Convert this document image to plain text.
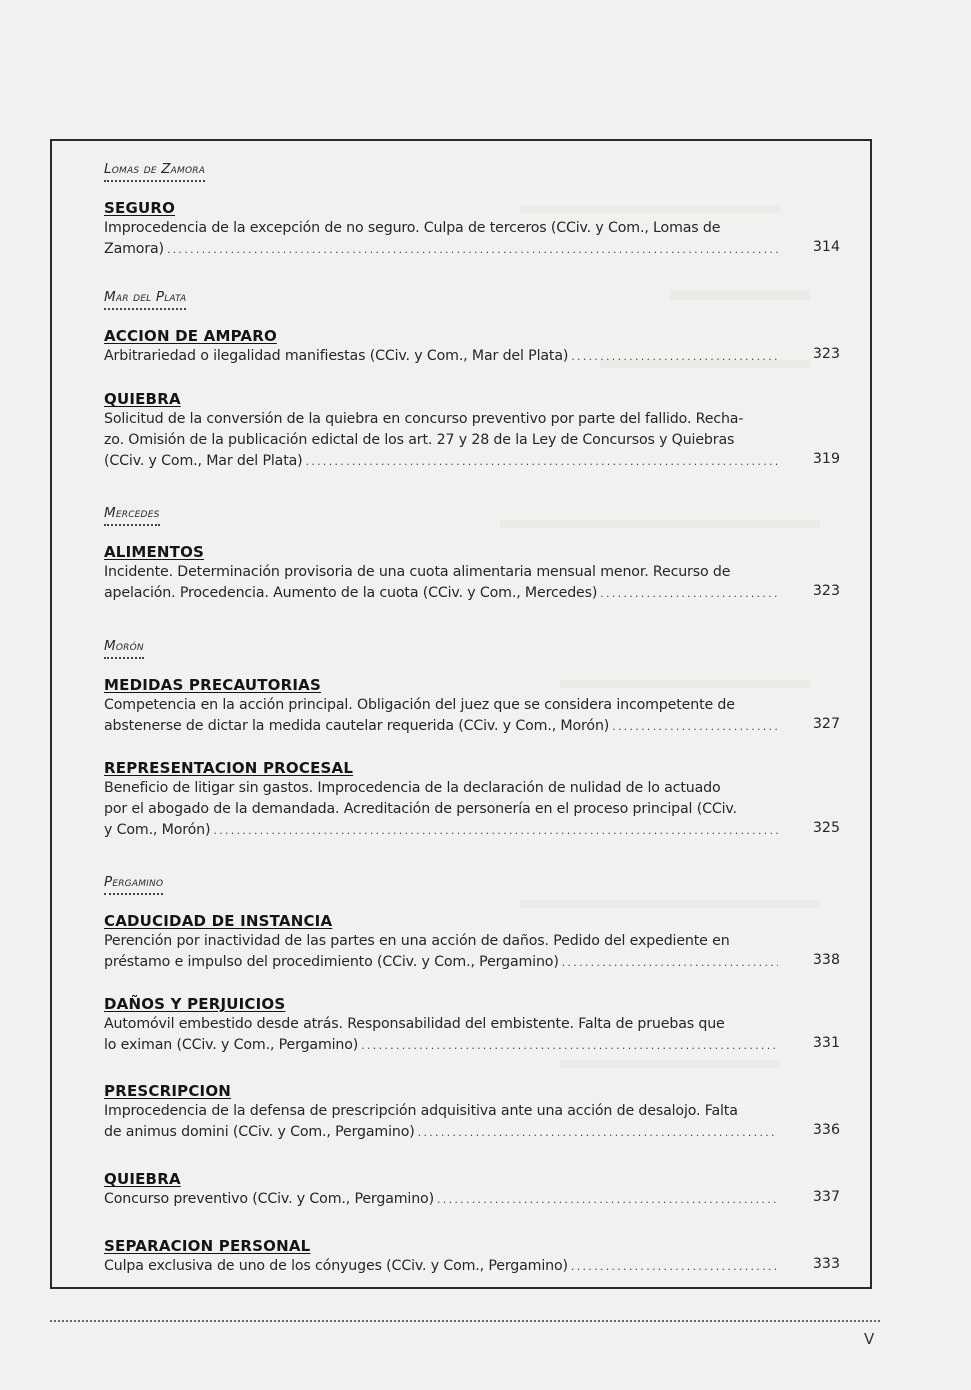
Lomas de Zamora
SEGURO
Improcedencia de la excepción de no seguro. Culpa de terceros (CCiv. y Com., Lomas de
Zamora) . . .	314
Mar del Plata
ACCION DE AMPARO
Arbitrariedad o ilegalidad manifiestas (CCiv. y Com., Mar del Plata) . . .	323
QUIEBRA
Solicitud de la conversión de la quiebra en concurso preventivo por parte del fallido. Recha-
zo. Omisión de la publicación edictal de los art. 27 y 28 de la Ley de Concursos y Quiebras
(CCiv. y Com., Mar del Plata) . . .	319
Mercedes
ALIMENTOS
Incidente. Determinación provisoria de una cuota alimentaria mensual menor. Recurso de
apelación. Procedencia. Aumento de la cuota (CCiv. y Com., Mercedes) . . .	323
Morón
MEDIDAS PRECAUTORIAS
Competencia en la acción principal. Obligación del juez que se considera incompetente de
abstenerse de dictar la medida cautelar requerida (CCiv. y Com., Morón) . . .	327
REPRESENTACION PROCESAL
Beneficio de litigar sin gastos. Improcedencia de la declaración de nulidad de lo actuado
por el abogado de la demandada. Acreditación de personería en el proceso principal (CCiv.
y Com., Morón) . . .	325
Pergamino
CADUCIDAD DE INSTANCIA
Perención por inactividad de las partes en una acción de daños. Pedido del expediente en
préstamo e impulso del procedimiento (CCiv. y Com., Pergamino) . . .	338
DAÑOS Y PERJUICIOS
Automóvil embestido desde atrás. Responsabilidad del embistente. Falta de pruebas que
lo eximan (CCiv. y Com., Pergamino) . . .	331
PRESCRIPCION
Improcedencia de la defensa de prescripción adquisitiva ante una acción de desalojo. Falta
de animus domini (CCiv. y Com., Pergamino) . . .	336
QUIEBRA
Concurso preventivo (CCiv. y Com., Pergamino) . . .	337
SEPARACION PERSONAL
Culpa exclusiva de uno de los cónyuges (CCiv. y Com., Pergamino) . . .	333
V
